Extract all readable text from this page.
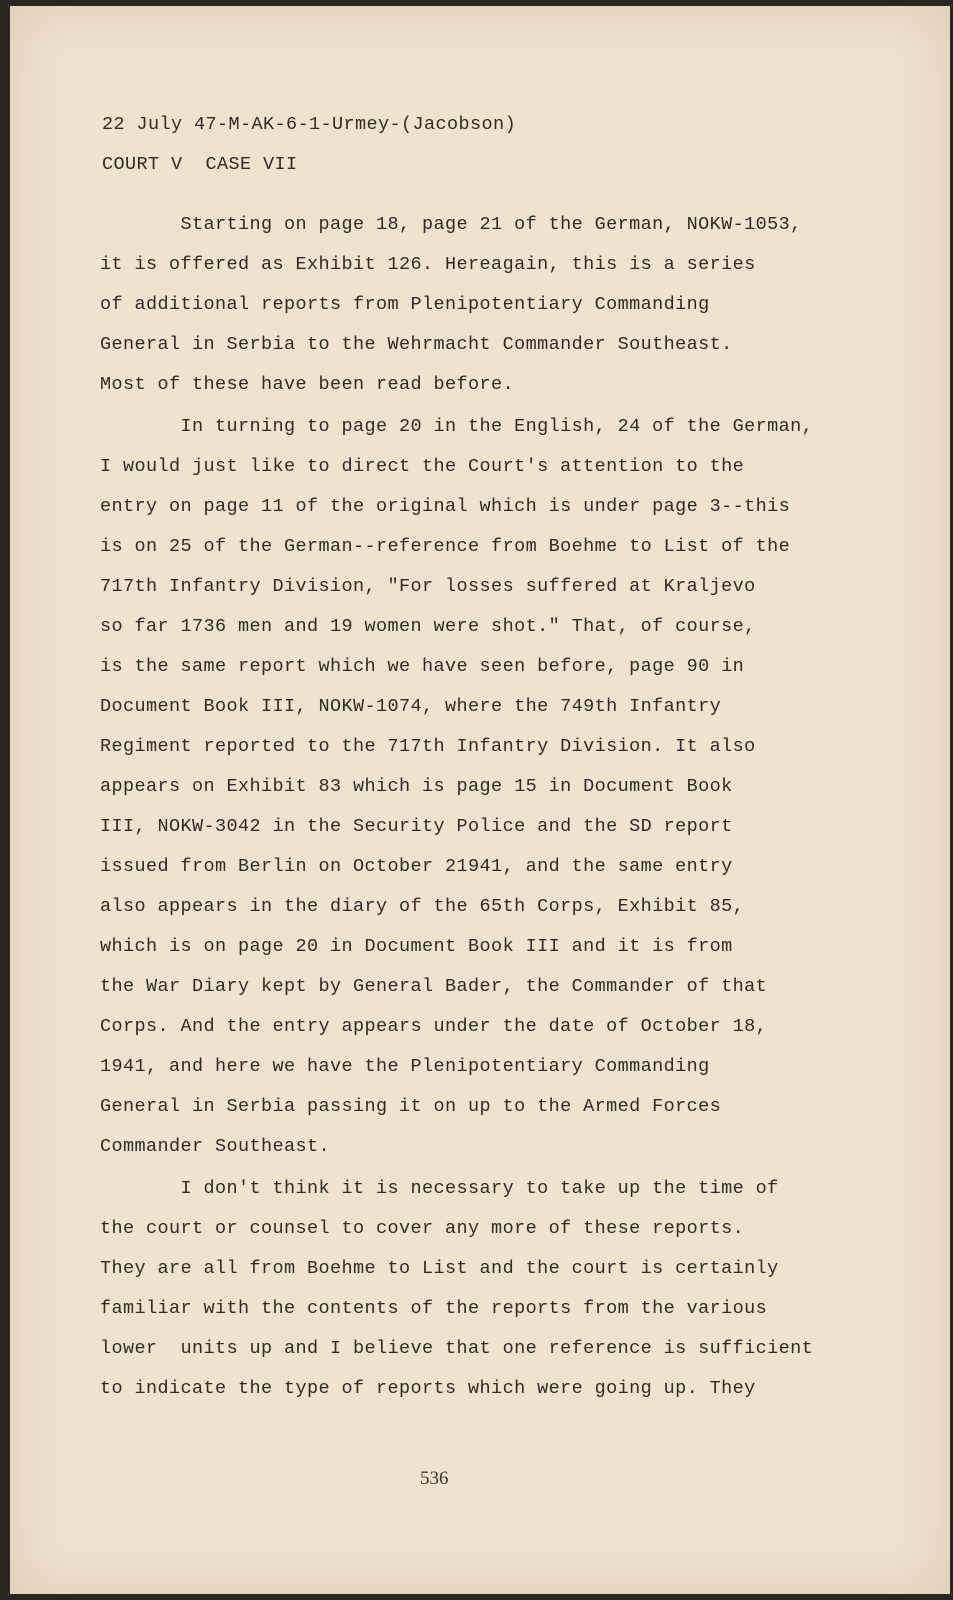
22 July 47-M-AK-6-1-Urmey-(Jacobson)
COURT V  CASE VII
Starting on page 18, page 21 of the German, NOKW-1053,
it is offered as Exhibit 126. Hereagain, this is a series
of additional reports from Plenipotentiary Commanding
General in Serbia to the Wehrmacht Commander Southeast.
Most of these have been read before.
In turning to page 20 in the English, 24 of the German,
I would just like to direct the Court's attention to the
entry on page 11 of the original which is under page 3--this
is on 25 of the German--reference from Boehme to List of the
717th Infantry Division, "For losses suffered at Kraljevo
so far 1736 men and 19 women were shot." That, of course,
is the same report which we have seen before, page 90 in
Document Book III, NOKW-1074, where the 749th Infantry
Regiment reported to the 717th Infantry Division. It also
appears on Exhibit 83 which is page 15 in Document Book
III, NOKW-3042 in the Security Police and the SD report
issued from Berlin on October 21941, and the same entry
also appears in the diary of the 65th Corps, Exhibit 85,
which is on page 20 in Document Book III and it is from
the War Diary kept by General Bader, the Commander of that
Corps. And the entry appears under the date of October 18,
1941, and here we have the Plenipotentiary Commanding
General in Serbia passing it on up to the Armed Forces
Commander Southeast.
I don't think it is necessary to take up the time of
the court or counsel to cover any more of these reports.
They are all from Boehme to List and the court is certainly
familiar with the contents of the reports from the various
lower  units up and I believe that one reference is sufficient
to indicate the type of reports which were going up. They
536
